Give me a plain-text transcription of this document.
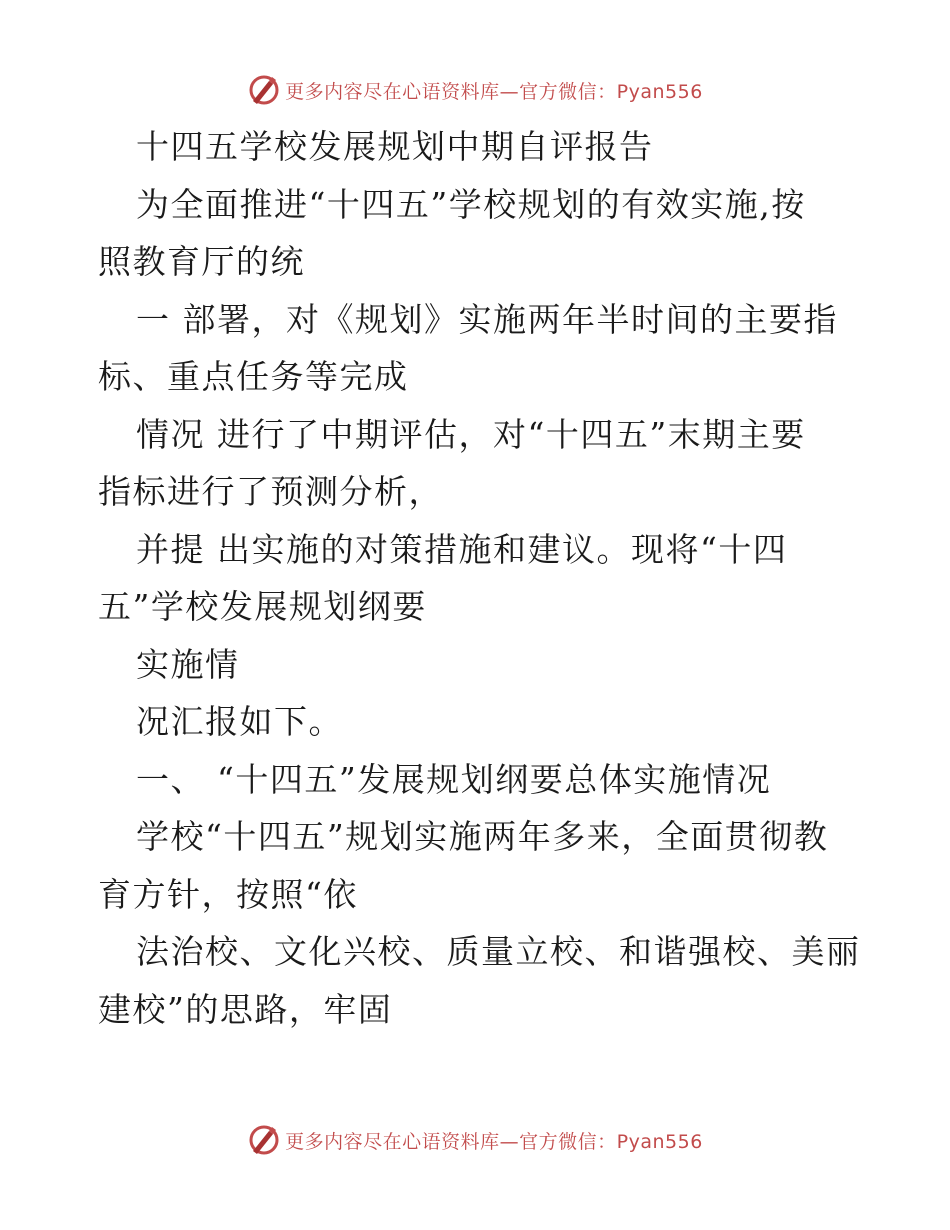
更多内容尽在心语资料库—官方微信：Pyan556
十四五学校发展规划中期自评报告
为全面推进“十四五”学校规划的有效实施,按
照教育厅的统
一 部署，对《规划》实施两年半时间的主要指
标、重点任务等完成
情况 进行了中期评估，对“十四五”末期主要
指标进行了预测分析，
并提 出实施的对策措施和建议。现将“十四
五”学校发展规划纲要
实施情
况汇报如下。
一、 “十四五”发展规划纲要总体实施情况
学校“十四五”规划实施两年多来，全面贯彻教
育方针，按照“依
法治校、文化兴校、质量立校、和谐强校、美丽
建校”的思路，牢固
更多内容尽在心语资料库—官方微信：Pyan556
